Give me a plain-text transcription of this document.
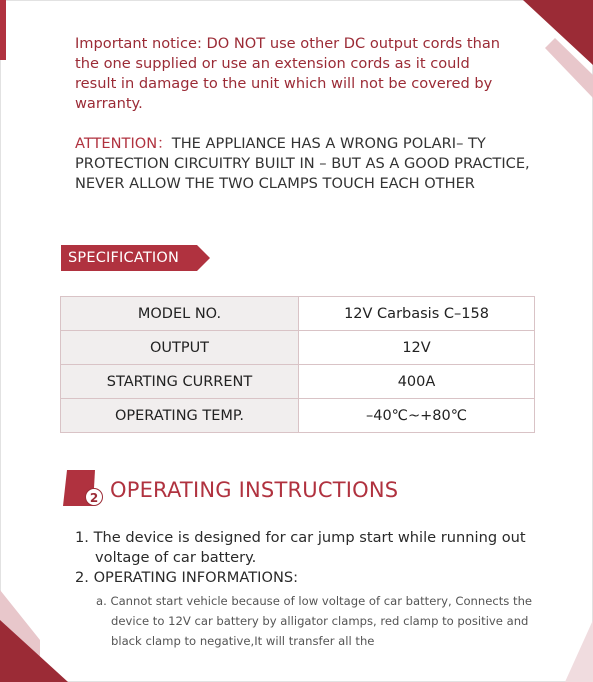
Important notice: DO NOT use other DC output cords than the one supplied or use an extension cords as it could result in damage to the unit which will not be covered by warranty.
ATTENTION：THE APPLIANCE HAS A WRONG POLARI– TY PROTECTION CIRCUITRY BUILT IN – BUT AS A GOOD PRACTICE, NEVER ALLOW THE TWO CLAMPS TOUCH EACH OTHER
SPECIFICATION
MODEL NO.	12V Carbasis C–158
OUTPUT	12V
STARTING CURRENT	400A
OPERATING TEMP.	–40℃~+80℃
2 OPERATING INSTRUCTIONS
1. The device is designed for car jump start while running out voltage of car battery.
2. OPERATING INFORMATIONS:
a. Cannot start vehicle because of low voltage of car battery, Connects the device to 12V car battery by alligator clamps, red clamp to positive and black clamp to negative,It will transfer all the
